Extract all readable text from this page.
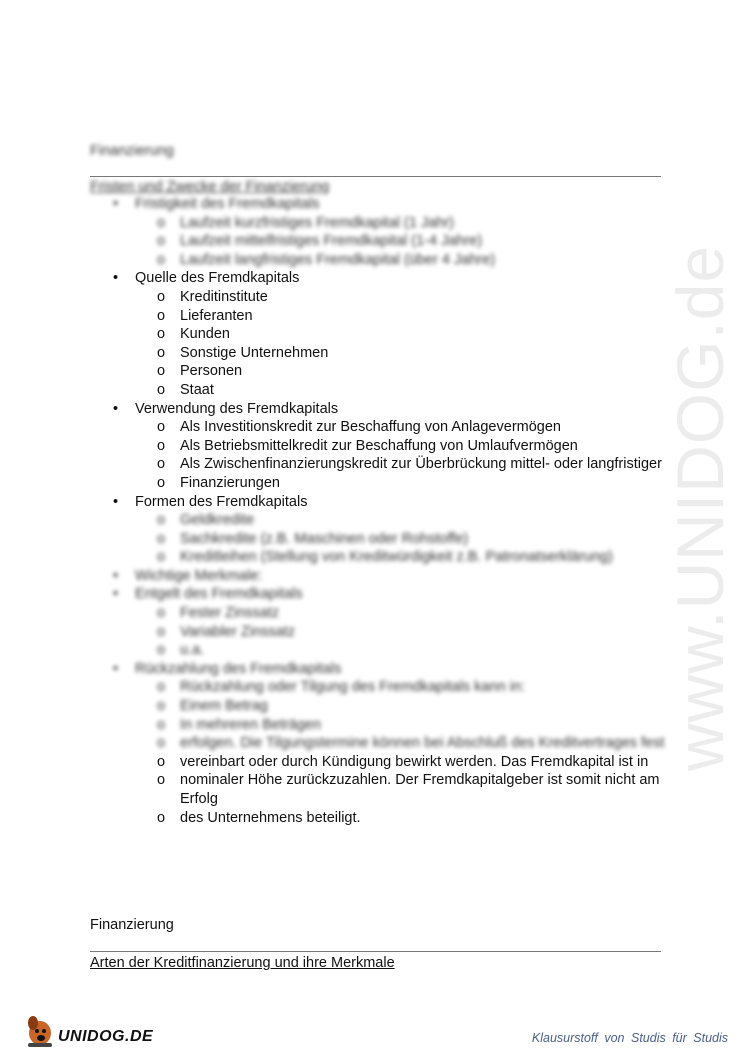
www.UNIDOG.de
Finanzierung
Fristen und Zwecke der Finanzierung
• Fristigkeit des Fremdkapitals
o Laufzeit kurzfristiges Fremdkapital (1 Jahr)
o Laufzeit mittelfristiges Fremdkapital (1-4 Jahre)
o Laufzeit langfristiges Fremdkapital (über 4 Jahre)
• Quelle des Fremdkapitals
o Kreditinstitute
o Lieferanten
o Kunden
o Sonstige Unternehmen
o Personen
o Staat
• Verwendung des Fremdkapitals
o Als Investitionskredit zur Beschaffung von Anlagevermögen
o Als Betriebsmittelkredit zur Beschaffung von Umlaufvermögen
o Als Zwischenfinanzierungskredit zur Überbrückung mittel- oder langfristiger
o Finanzierungen
• Formen des Fremdkapitals
o Geldkredite
o Sachkredite (z.B. Maschinen oder Rohstoffe)
o Kreditleihen (Stellung von Kreditwürdigkeit z.B. Patronatserklärung)
• Wichtige Merkmale:
• Entgelt des Fremdkapitals
o Fester Zinssatz
o Variabler Zinssatz
o u.a.
• Rückzahlung des Fremdkapitals
o Rückzahlung oder Tilgung des Fremdkapitals kann in:
o Einem Betrag
o In mehreren Beträgen
o erfolgen. Die Tilgungstermine können bei Abschluß des Kreditvertrages fest
o vereinbart oder durch Kündigung bewirkt werden. Das Fremdkapital ist in
o nominaler Höhe zurückzuzahlen. Der Fremdkapitalgeber ist somit nicht am Erfolg
o des Unternehmens beteiligt.
Finanzierung
Arten der Kreditfinanzierung und ihre Merkmale
UNIDOG.DE	Klausurstoff von Studis für Studis
